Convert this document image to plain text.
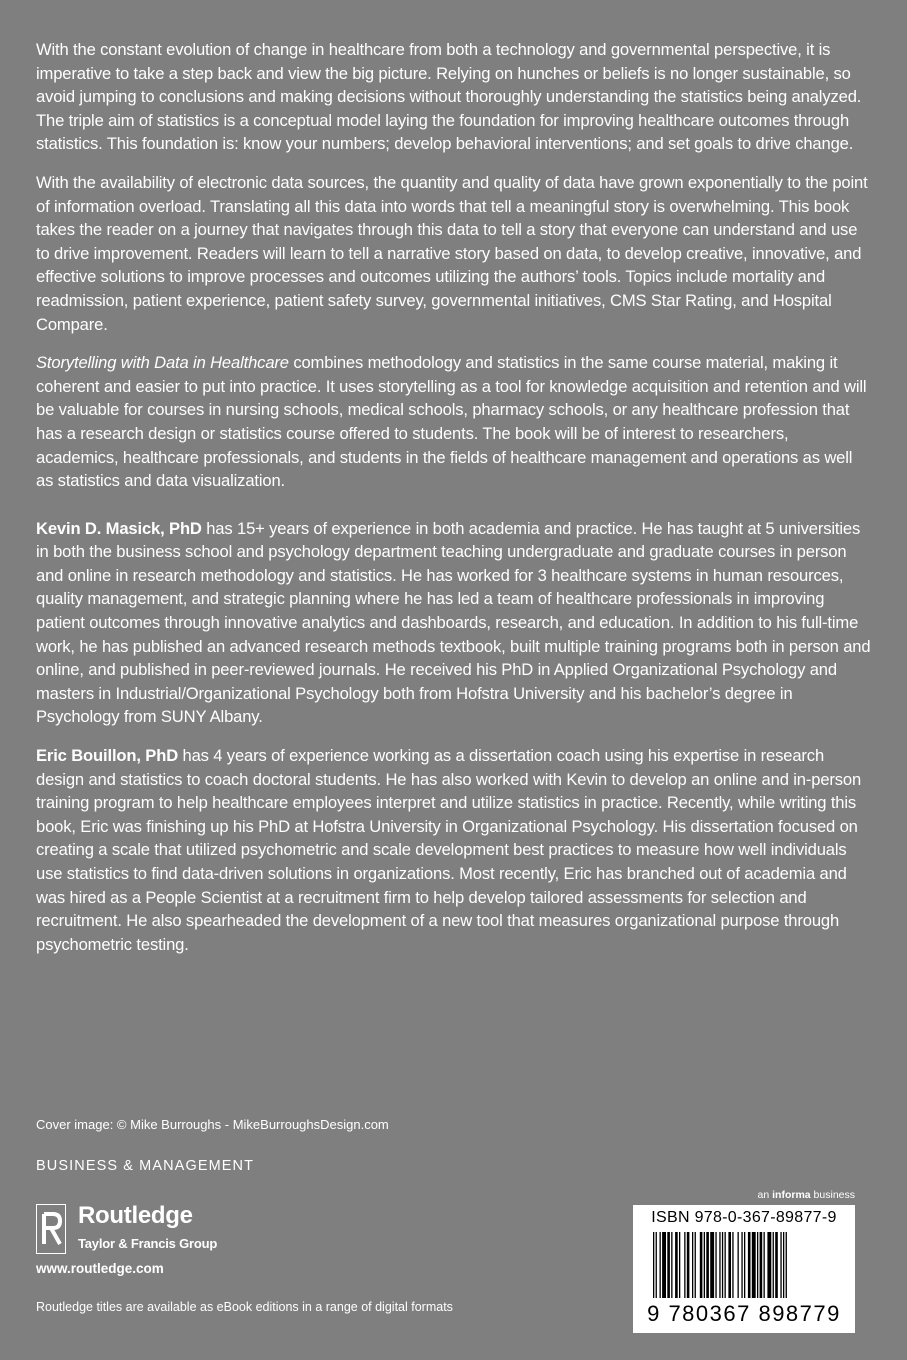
With the constant evolution of change in healthcare from both a technology and governmental perspective, it is imperative to take a step back and view the big picture. Relying on hunches or beliefs is no longer sustainable, so avoid jumping to conclusions and making decisions without thoroughly understanding the statistics being analyzed. The triple aim of statistics is a conceptual model laying the foundation for improving healthcare outcomes through statistics. This foundation is: know your numbers; develop behavioral interventions; and set goals to drive change.

With the availability of electronic data sources, the quantity and quality of data have grown exponentially to the point of information overload. Translating all this data into words that tell a meaningful story is overwhelming. This book takes the reader on a journey that navigates through this data to tell a story that everyone can understand and use to drive improvement. Readers will learn to tell a narrative story based on data, to develop creative, innovative, and effective solutions to improve processes and outcomes utilizing the authors’ tools. Topics include mortality and readmission, patient experience, patient safety survey, governmental initiatives, CMS Star Rating, and Hospital Compare.

Storytelling with Data in Healthcare combines methodology and statistics in the same course material, making it coherent and easier to put into practice. It uses storytelling as a tool for knowledge acquisition and retention and will be valuable for courses in nursing schools, medical schools, pharmacy schools, or any healthcare profession that has a research design or statistics course offered to students. The book will be of interest to researchers, academics, healthcare professionals, and students in the fields of healthcare management and operations as well as statistics and data visualization.

Kevin D. Masick, PhD has 15+ years of experience in both academia and practice. He has taught at 5 universities in both the business school and psychology department teaching undergraduate and graduate courses in person and online in research methodology and statistics. He has worked for 3 healthcare systems in human resources, quality management, and strategic planning where he has led a team of healthcare professionals in improving patient outcomes through innovative analytics and dashboards, research, and education. In addition to his full-time work, he has published an advanced research methods textbook, built multiple training programs both in person and online, and published in peer-reviewed journals. He received his PhD in Applied Organizational Psychology and masters in Industrial/Organizational Psychology both from Hofstra University and his bachelor’s degree in Psychology from SUNY Albany.

Eric Bouillon, PhD has 4 years of experience working as a dissertation coach using his expertise in research design and statistics to coach doctoral students. He has also worked with Kevin to develop an online and in-person training program to help healthcare employees interpret and utilize statistics in practice. Recently, while writing this book, Eric was finishing up his PhD at Hofstra University in Organizational Psychology. His dissertation focused on creating a scale that utilized psychometric and scale development best practices to measure how well individuals use statistics to find data-driven solutions in organizations. Most recently, Eric has branched out of academia and was hired as a People Scientist at a recruitment firm to help develop tailored assessments for selection and recruitment. He also spearheaded the development of a new tool that measures organizational purpose through psychometric testing.

Cover image: © Mike Burroughs - MikeBurroughsDesign.com
BUSINESS & MANAGEMENT
Routledge
Taylor & Francis Group
www.routledge.com
Routledge titles are available as eBook editions in a range of digital formats
an informa business
ISBN 978-0-367-89877-9
9 780367 898779
